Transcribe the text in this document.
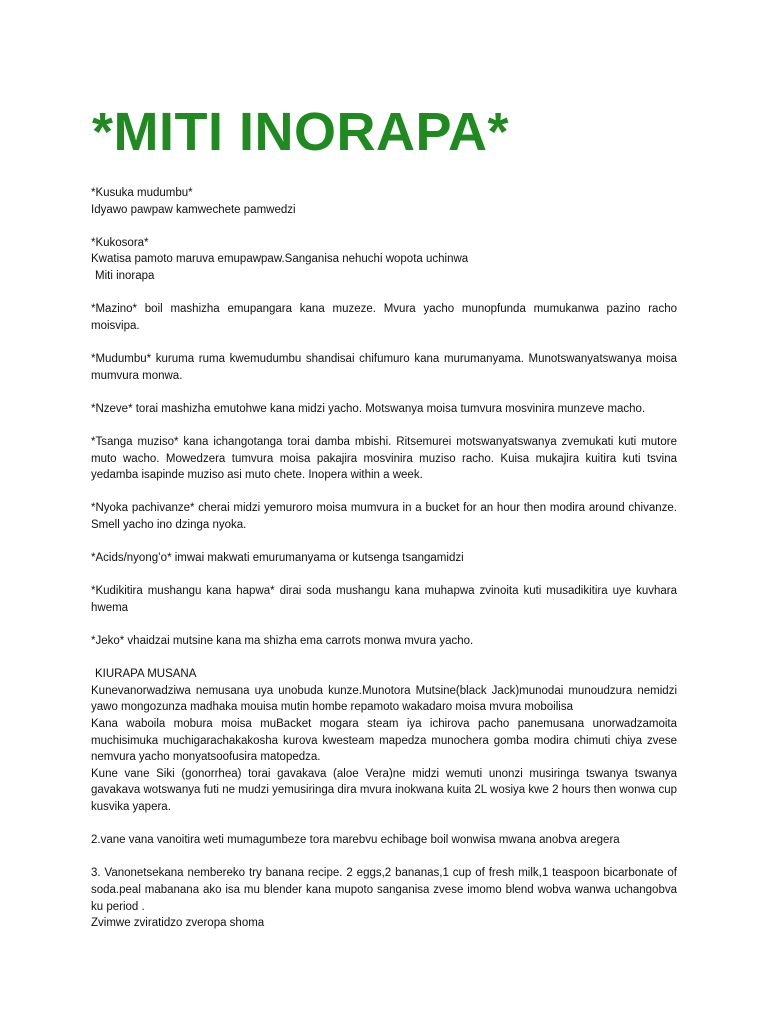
*MITI INORAPA*

*Kusuka mudumbu*

Idyawo pawpaw kamwechete pamwedzi

*Kukosora*

Kwatisa pamoto maruva emupawpaw.Sanganisa nehuchi wopota uchinwa

Miti inorapa

*Mazino* boil mashizha emupangara kana muzeze. Mvura yacho munopfunda mumukanwa pazino racho moisvipa.

*Mudumbu* kuruma ruma kwemudumbu shandisai chifumuro kana murumanyama. Munotswanyatswanya moisa mumvura monwa.

*Nzeve* torai mashizha emutohwe kana midzi yacho. Motswanya moisa tumvura mosvinira munzeve macho.

*Tsanga muziso* kana ichangotanga torai damba mbishi. Ritsemurei motswanyatswanya zvemukati kuti mutore muto wacho. Mowedzera tumvura moisa pakajira mosvinira muziso racho. Kuisa mukajira kuitira kuti tsvina yedamba isapinde muziso asi muto chete. Inopera within a week.

*Nyoka pachivanze* cherai midzi yemuroro moisa mumvura in a bucket for an hour then modira around chivanze. Smell yacho ino dzinga nyoka.

*Acids/nyong’o* imwai makwati emurumanyama or kutsenga tsangamidzi

*Kudikitira mushangu kana hapwa* dirai soda mushangu kana muhapwa zvinoita kuti musadikitira uye kuvhara hwema

*Jeko* vhaidzai mutsine kana ma shizha ema carrots monwa mvura yacho.

KIURAPA MUSANA

Kunevanorwadziwa nemusana uya unobuda kunze.Munotora Mutsine(black Jack)munodai munoudzura nemidzi yawo mongozunza madhaka mouisa mutin hombe repamoto wakadaro moisa mvura moboilisa

Kana waboila mobura moisa muBacket mogara steam iya ichirova pacho panemusana unorwadzamoita muchisimuka muchigarachakakosha kurova kwesteam mapedza munochera gomba modira chimuti chiya zvese nemvura yacho monyatsoofusira matopedza.

Kune vane Siki (gonorrhea) torai gavakava (aloe Vera)ne midzi wemuti unonzi musiringa tswanya tswanya gavakava wotswanya futi ne mudzi yemusiringa dira mvura inokwana kuita 2L wosiya kwe 2 hours then wonwa cup kusvika yapera.

2.vane vana vanoitira weti mumagumbeze tora marebvu echibage boil wonwisa mwana anobva aregera

3. Vanonetsekana nembereko try banana recipe. 2 eggs,2 bananas,1 cup of fresh milk,1 teaspoon bicarbonate of soda.peal mabanana ako isa mu blender kana mupoto sanganisa zvese imomo blend wobva wanwa uchangobva ku period .

Zvimwe zviratidzo zveropa shoma
